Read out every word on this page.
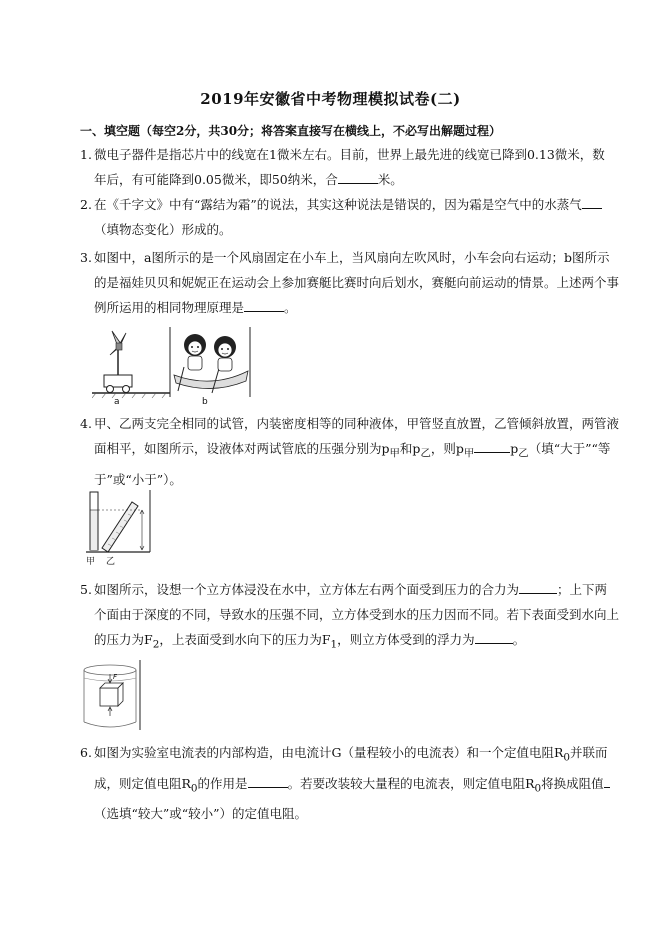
2019年安徽省中考物理模拟试卷(二)
一、填空题（每空2分，共30分；将答案直接写在横线上，不必写出解题过程）
1. 微电子器件是指芯片中的线宽在1微米左右。目前，世界上最先进的线宽已降到0.13微米，数
年后，有可能降到0.05微米，即50纳米，合	米。
2. 在《千字文》中有“露结为霜”的说法，其实这种说法是错误的，因为霜是空气中的水蒸气
（填物态变化）形成的。
3. 如图中，a图所示的是一个风扇固定在小车上，当风扇向左吹风时，小车会向右运动；b图所示
的是福娃贝贝和妮妮正在运动会上参加赛艇比赛时向后划水，赛艇向前运动的情景。上述两个事
例所运用的相同物理原理是	。
a	b
4. 甲、乙两支完全相同的试管，内装密度相等的同种液体，甲管竖直放置，乙管倾斜放置，两管液
面相平，如图所示，设液体对两试管底的压强分别为$p_甲$和$p_乙$，则$p_甲$	$p_乙$（填“大于”“等
于”或“小于”）。
甲 乙
5. 如图所示，设想一个立方体浸没在水中，立方体左右两个面受到压力的合力为	；上下两
个面由于深度的不同，导致水的压强不同，立方体受到水的压力因而不同。若下表面受到水向上
的压力为$F_2$，上表面受到水向下的压力为$F_1$，则立方体受到的浮力为	。
F
6. 如图为实验室电流表的内部构造，由电流计G（量程较小的电流表）和一个定值电阻$R_0$并联而
成，则定值电阻$R_0$的作用是	。若要改装较大量程的电流表，则定值电阻$R_0$将换成阻值
（选填“较大”或“较小”）的定值电阻。
